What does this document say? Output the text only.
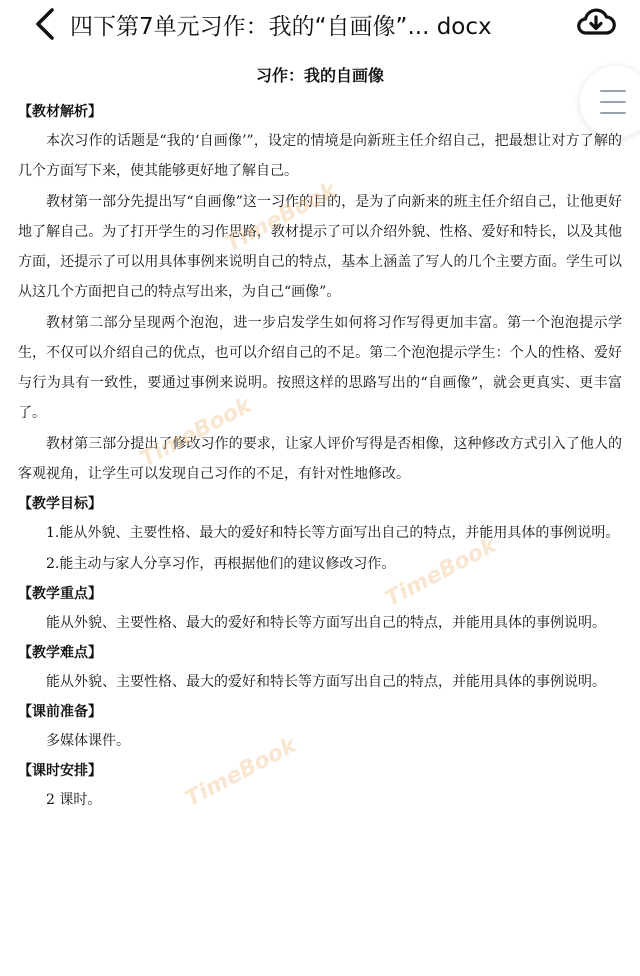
四下第7单元习作：我的“自画像”... docx
习作：我的自画像
【教材解析】

本次习作的话题是“我的‘自画像’”，设定的情境是向新班主任介绍自己，把最想让对方了解的几个方面写下来，使其能够更好地了解自己。

教材第一部分先提出写“自画像”这一习作的目的，是为了向新来的班主任介绍自己，让他更好地了解自己。为了打开学生的习作思路，教材提示了可以介绍外貌、性格、爱好和特长，以及其他方面，还提示了可以用具体事例来说明自己的特点，基本上涵盖了写人的几个主要方面。学生可以从这几个方面把自己的特点写出来，为自己“画像”。

教材第二部分呈现两个泡泡，进一步启发学生如何将习作写得更加丰富。第一个泡泡提示学生，不仅可以介绍自己的优点，也可以介绍自己的不足。第二个泡泡提示学生：个人的性格、爱好与行为具有一致性，要通过事例来说明。按照这样的思路写出的“自画像”，就会更真实、更丰富了。

教材第三部分提出了修改习作的要求，让家人评价写得是否相像，这种修改方式引入了他人的客观视角，让学生可以发现自己习作的不足，有针对性地修改。

【教学目标】

1.能从外貌、主要性格、最大的爱好和特长等方面写出自己的特点，并能用具体的事例说明。

2.能主动与家人分享习作，再根据他们的建议修改习作。

【教学重点】

能从外貌、主要性格、最大的爱好和特长等方面写出自己的特点，并能用具体的事例说明。

【教学难点】

能从外貌、主要性格、最大的爱好和特长等方面写出自己的特点，并能用具体的事例说明。

【课前准备】

多媒体课件。

【课时安排】

2 课时。

TimeBook
TimeBook
TimeBook
TimeBook
